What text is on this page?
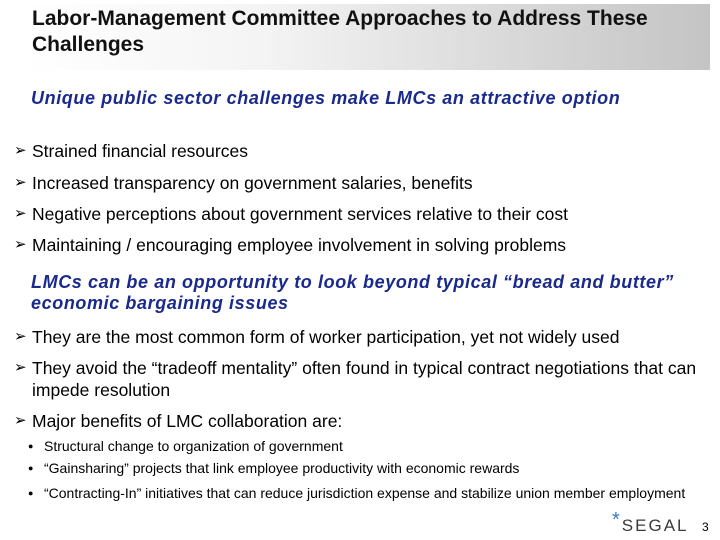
Labor-Management Committee Approaches to Address These Challenges

Unique public sector challenges make LMCs an attractive option

➢ Strained financial resources
➢ Increased transparency on government salaries, benefits
➢ Negative perceptions about government services relative to their cost
➢ Maintaining / encouraging employee involvement in solving problems

LMCs can be an opportunity to look beyond typical “bread and butter” economic bargaining issues

➢ They are the most common form of worker participation, yet not widely used
➢ They avoid the “tradeoff mentality” often found in typical contract negotiations that can impede resolution
➢ Major benefits of LMC collaboration are:
● Structural change to organization of government
● “Gainsharing” projects that link employee productivity with economic rewards
● “Contracting-In” initiatives that can reduce jurisdiction expense and stabilize union member employment
* SEGAL 3
